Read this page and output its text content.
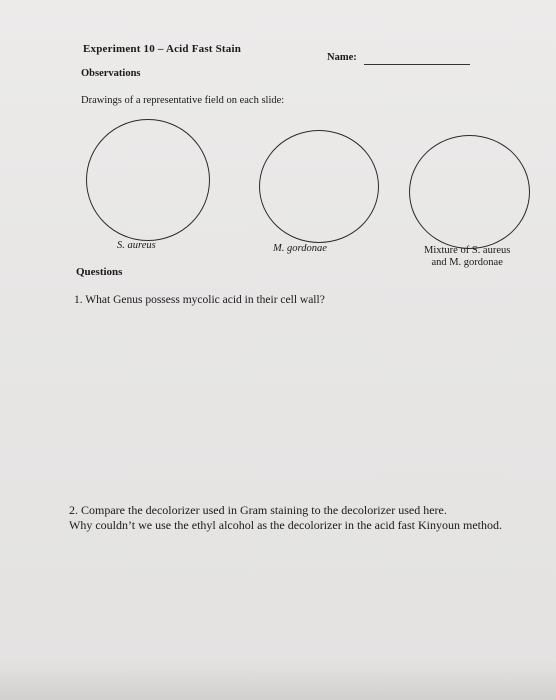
Experiment 10 – Acid Fast Stain
Name:
Observations
Drawings of a representative field on each slide:
S. aureus	M. gordonae	Mixture of S. aureus
and M. gordonae
Questions
1. What Genus possess mycolic acid in their cell wall?
2. Compare the decolorizer used in Gram staining to the decolorizer used here.
Why couldn’t we use the ethyl alcohol as the decolorizer in the acid fast Kinyoun method.
